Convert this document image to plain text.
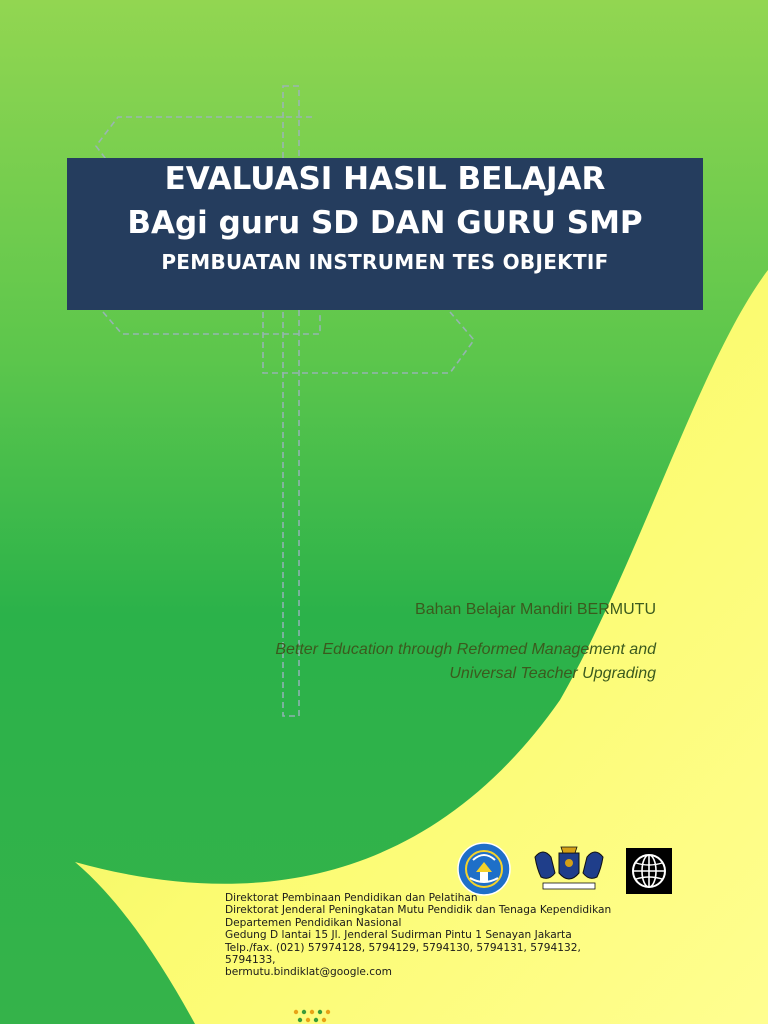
EVALUASI HASIL BELAJAR
BAgi guru SD DAN GURU SMP
PEMBUATAN INSTRUMEN TES OBJEKTIF
Bahan Belajar Mandiri BERMUTU
Better Education through Reformed Management and
Universal Teacher Upgrading
Direktorat Pembinaan Pendidikan dan Pelatihan
Direktorat Jenderal Peningkatan Mutu Pendidik dan Tenaga Kependidikan
Departemen Pendidikan Nasional
Gedung D lantai 15 Jl. Jenderal Sudirman Pintu 1 Senayan Jakarta
Telp./fax. (021) 57974128, 5794129, 5794130, 5794131, 5794132,
5794133,
bermutu.bindiklat@google.com
